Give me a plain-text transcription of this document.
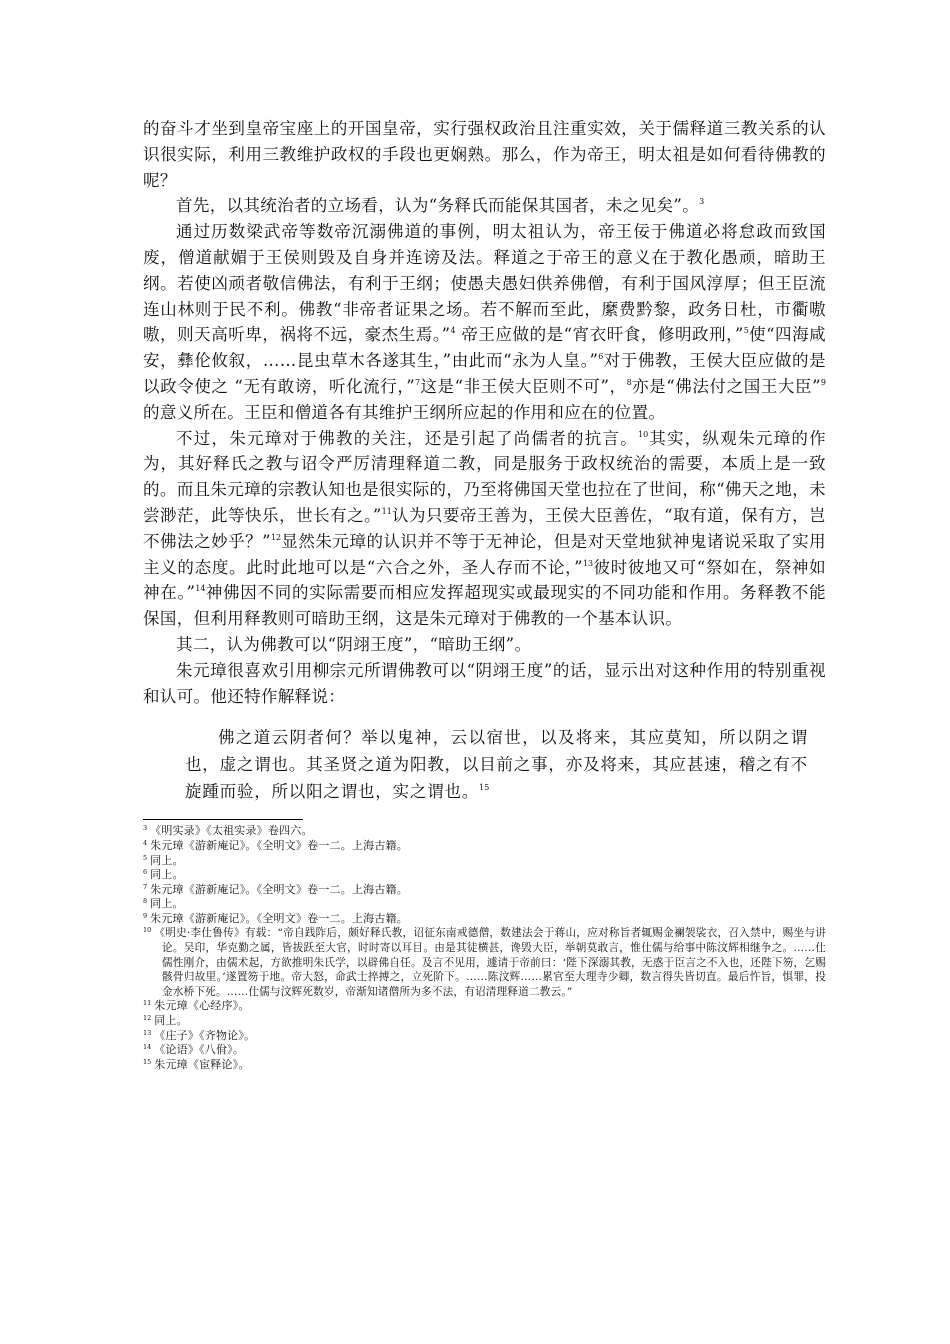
的奋斗才坐到皇帝宝座上的开国皇帝，实行强权政治且注重实效，关于儒释道三教关系的认识很实际，利用三教维护政权的手段也更娴熟。那么，作为帝王，明太祖是如何看待佛教的呢？

首先，以其统治者的立场看，认为“务释氏而能保其国者，未之见矣”。$^3$

通过历数梁武帝等数帝沉溺佛道的事例，明太祖认为，帝王佞于佛道必将怠政而致国废，僧道献媚于王侯则毁及自身并连谤及法。释道之于帝王的意义在于教化愚顽，暗助王纲。若使凶顽者敬信佛法，有利于王纲；使愚夫愚妇供养佛僧，有利于国风淳厚；但王臣流连山林则于民不利。佛教“非帝者证果之场。若不解而至此，縻费黔黎，政务日杜，市衢嗷嗷，则天高听卑，祸将不远，豪杰生焉。”$^4$ 帝王应做的是“宵衣旰食，修明政刑，”$^5$使“四海咸安，彝伦攸叙，……昆虫草木各遂其生，”由此而“永为人皇。”$^6$对于佛教，王侯大臣应做的是以政令使之 “无有敢谤，听化流行，”$^7$这是“非王侯大臣则不可”，$^8$亦是“佛法付之国王大臣”$^9$的意义所在。王臣和僧道各有其维护王纲所应起的作用和应在的位置。

不过，朱元璋对于佛教的关注，还是引起了尚儒者的抗言。$^{10}$其实，纵观朱元璋的作为，其好释氏之教与诏令严厉清理释道二教，同是服务于政权统治的需要，本质上是一致的。而且朱元璋的宗教认知也是很实际的，乃至将佛国天堂也拉在了世间，称“佛天之地，未尝渺茫，此等快乐，世长有之。”$^{11}$认为只要帝王善为，王侯大臣善佐，“取有道，保有方，岂不佛法之妙乎？”$^{12}$显然朱元璋的认识并不等于无神论，但是对天堂地狱神鬼诸说采取了实用主义的态度。此时此地可以是“六合之外，圣人存而不论，”$^{13}$彼时彼地又可“祭如在，祭神如神在。”$^{14}$神佛因不同的实际需要而相应发挥超现实或最现实的不同功能和作用。务释教不能保国，但利用释教则可暗助王纲，这是朱元璋对于佛教的一个基本认识。

其二，认为佛教可以“阴翊王度”，“暗助王纲”。

朱元璋很喜欢引用柳宗元所谓佛教可以“阴翊王度”的话，显示出对这种作用的特别重视和认可。他还特作解释说：

佛之道云阴者何？举以鬼神，云以宿世，以及将来，其应莫知，所以阴之谓也，虚之谓也。其圣贤之道为阳教，以目前之事，亦及将来，其应甚速，稽之有不旋踵而验，所以阳之谓也，实之谓也。$^{15}$

$^3$ 《明实录》《太祖实录》卷四六。
$^4$ 朱元璋《游新庵记》。《全明文》卷一二。上海古籍。
$^5$ 同上。
$^6$ 同上。
$^7$ 朱元璋《游新庵记》。《全明文》卷一二。上海古籍。
$^8$ 同上。
$^9$ 朱元璋《游新庵记》。《全明文》卷一二。上海古籍。
$^{10}$ 《明史·李仕鲁传》有载：“帝自践阼后，颇好释氏教，诏征东南戒德僧，数建法会于蒋山，应对称旨者辄赐金襕袈裟衣，召入禁中，赐坐与讲论。吴印，华克勤之属，皆拔跃至大官，时时寄以耳目。由是其徒横甚，谗毁大臣，举朝莫敢言，惟仕儒与给事中陈汶辉相继争之。……仕儒性刚介，由儒术起，方欲推明朱氏学，以辟佛自任。及言不见用，遽请于帝前曰：‘陛下深溺其教，无惑于臣言之不入也，还陛下笏，乞赐骸骨归故里。’遂置笏于地。帝大怒，命武士捽搏之，立死阶下。……陈汶辉……累官至大理寺少卿，数言得失皆切直。最后忤旨，惧罪，投金水桥下死。……仕儒与汶辉死数岁，帝渐知诸僧所为多不法，有诏清理释道二教云。”
$^{11}$ 朱元璋《心经序》。
$^{12}$ 同上。
$^{13}$ 《庄子》《齐物论》。
$^{14}$ 《论语》《八佾》。
$^{15}$ 朱元璋《宦释论》。
